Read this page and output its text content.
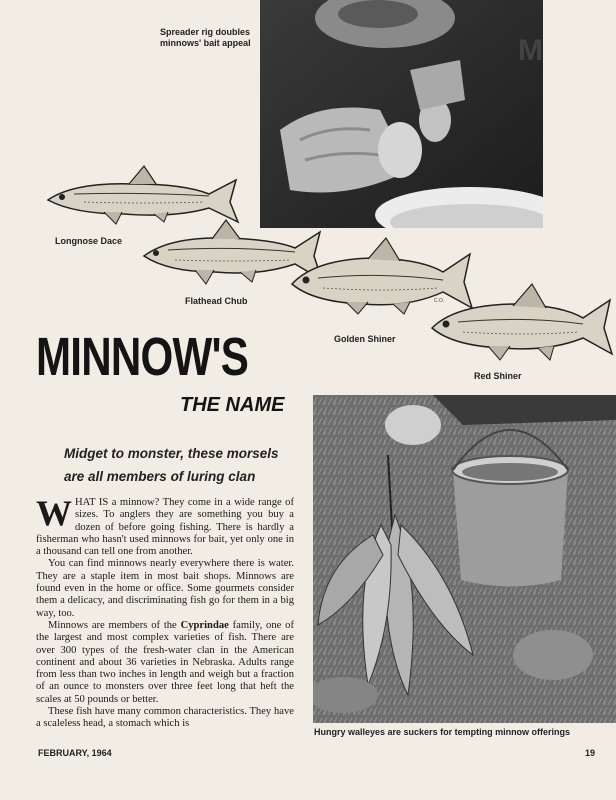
Spreader rig doubles
minnows' bait appeal	M
Longnose Dace
Flathead Chub	C.O.
Golden Shiner
Red Shiner
MINNOW'S
THE NAME
Midget to monster, these morsels
are all members of luring clan

WHAT IS a minnow? They come in a wide range of sizes. To anglers they are something you buy a dozen of before going fishing. There is hardly a fisherman who hasn't used minnows for bait, yet only one in a thousand can tell one from another.

You can find minnows nearly everywhere there is water. They are a staple item in most bait shops. Minnows are found even in the home or office. Some gourmets consider them a delicacy, and discriminating fish go for them in a big way, too.

Minnows are members of the Cyprindae family, one of the largest and most complex varieties of fish. There are over 300 types of the fresh-water clan in the American continent and about 36 varieties in Nebraska. Adults range from less than two inches in length and weigh but a fraction of an ounce to monsters over three feet long that heft the scales at 50 pounds or better.

These fish have many common characteristics. They have a scaleless head, a stomach which is

Hungry walleyes are suckers for tempting minnow offerings
FEBRUARY, 1964	19
